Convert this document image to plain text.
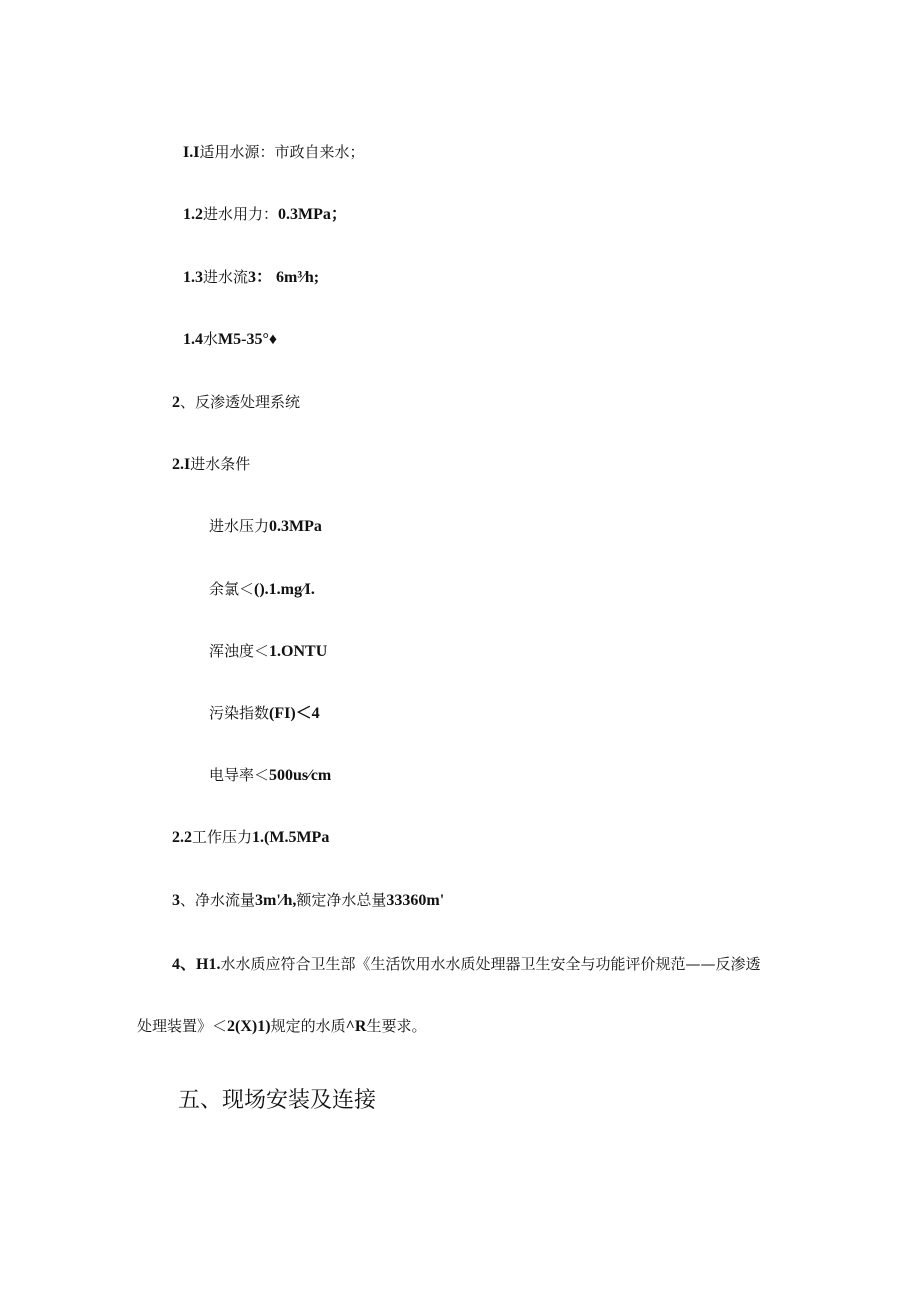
I.I适用水源：市政自来水；
1.2进水用力：0.3MPa；
1.3进水流3： 6m³⁄h;
1.4水M5-35°♦
2、反渗透处理系统
2.I进水条件
进水压力0.3MPa
余氯＜().1.mg⁄I.
浑浊度＜1.ONTU
污染指数(FI)＜4
电导率＜500us⁄cm
2.2工作压力1.(M.5MPa
3、净水流量3m'⁄h,额定净水总量33360m'
4、H1.水水质应符合卫生部《生活饮用水水质处理器卫生安全与功能评价规范——反渗透
处理装置》＜2(X)1)规定的水质^R生要求。
五、现场安装及连接
